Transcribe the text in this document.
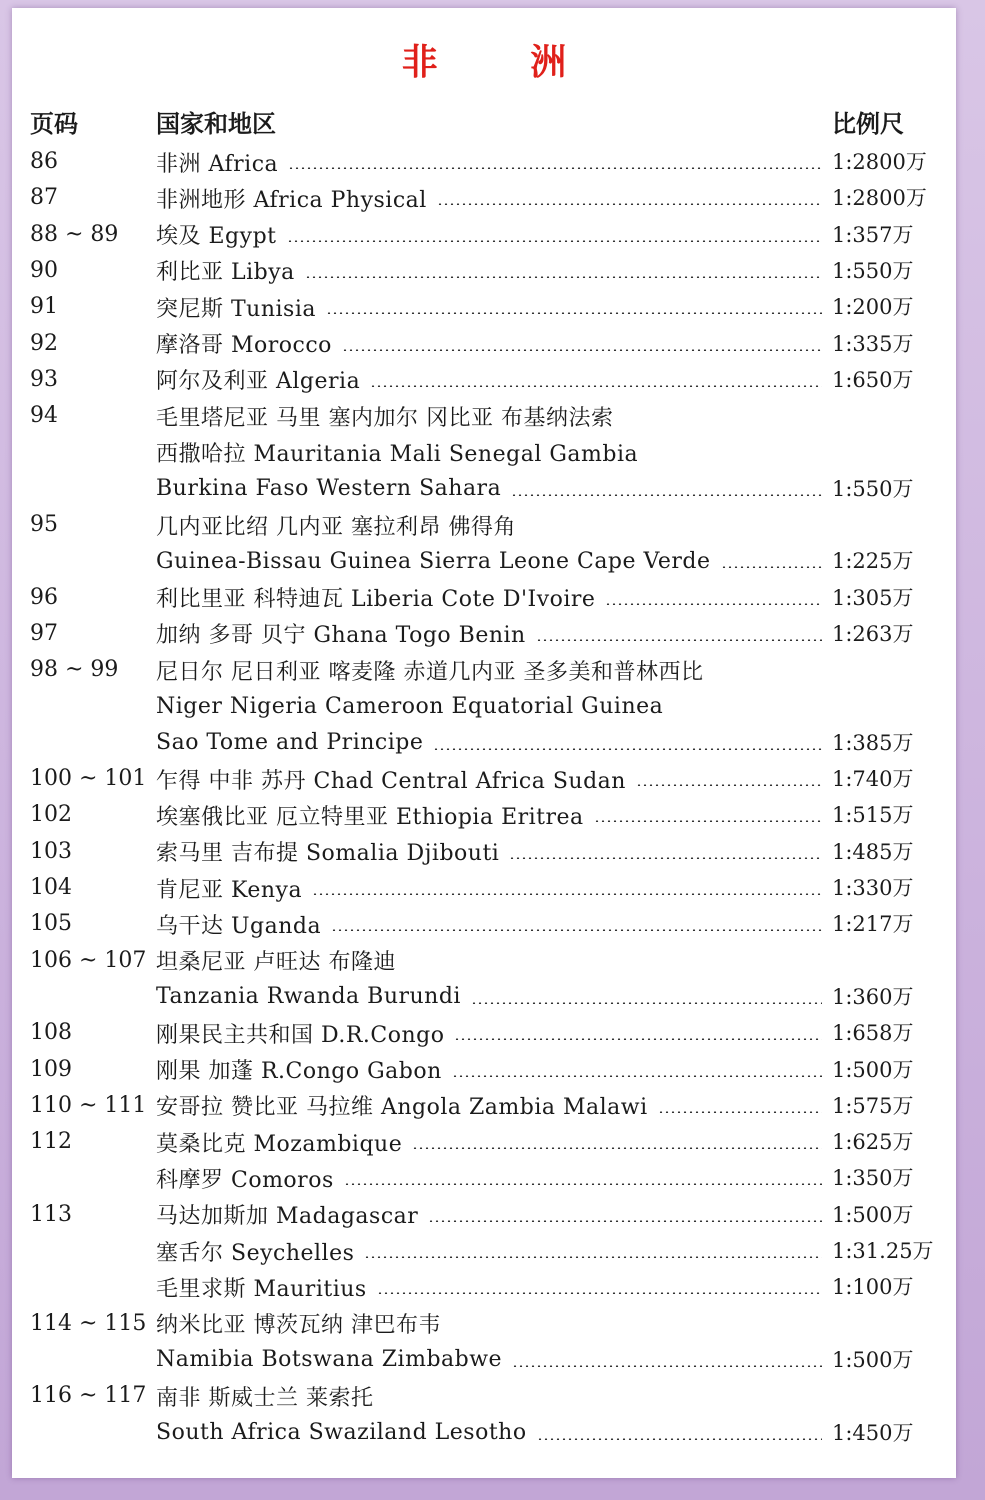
非 洲
页码	国家和地区	比例尺
86	非洲 Africa	1:2800万
87	非洲地形 Africa Physical	1:2800万
88 ~ 89 埃及 Egypt	1:357万
90	利比亚 Libya	1:550万
91	突尼斯 Tunisia	1:200万
92	摩洛哥 Morocco	1:335万
93	阿尔及利亚 Algeria	1:650万
94	毛里塔尼亚 马里 塞内加尔 冈比亚 布基纳法索
西撒哈拉 Mauritania Mali Senegal Gambia
Burkina Faso Western Sahara	1:550万
95	几内亚比绍 几内亚 塞拉利昂 佛得角
Guinea-Bissau Guinea Sierra Leone Cape Verde	1:225万
96	利比里亚 科特迪瓦 Liberia Cote D'Ivoire	1:305万
97	加纳 多哥 贝宁 Ghana Togo Benin	1:263万
98 ~ 99 尼日尔 尼日利亚 喀麦隆 赤道几内亚 圣多美和普林西比
Niger Nigeria Cameroon Equatorial Guinea
Sao Tome and Principe	1:385万
100 ~ 101 乍得 中非 苏丹 Chad Central Africa Sudan	1:740万
102	埃塞俄比亚 厄立特里亚 Ethiopia Eritrea	1:515万
103	索马里 吉布提 Somalia Djibouti	1:485万
104	肯尼亚 Kenya	1:330万
105	乌干达 Uganda	1:217万
106 ~ 107 坦桑尼亚 卢旺达 布隆迪
Tanzania Rwanda Burundi	1:360万
108	刚果民主共和国 D.R.Congo	1:658万
109	刚果 加蓬 R.Congo Gabon	1:500万
110 ~ 111 安哥拉 赞比亚 马拉维 Angola Zambia Malawi	1:575万
112	莫桑比克 Mozambique	1:625万
科摩罗 Comoros	1:350万
113	马达加斯加 Madagascar	1:500万
塞舌尔 Seychelles	1:31.25万
毛里求斯 Mauritius	1:100万
114 ~ 115 纳米比亚 博茨瓦纳 津巴布韦
Namibia Botswana Zimbabwe	1:500万
116 ~ 117 南非 斯威士兰 莱索托
South Africa Swaziland Lesotho	1:450万
